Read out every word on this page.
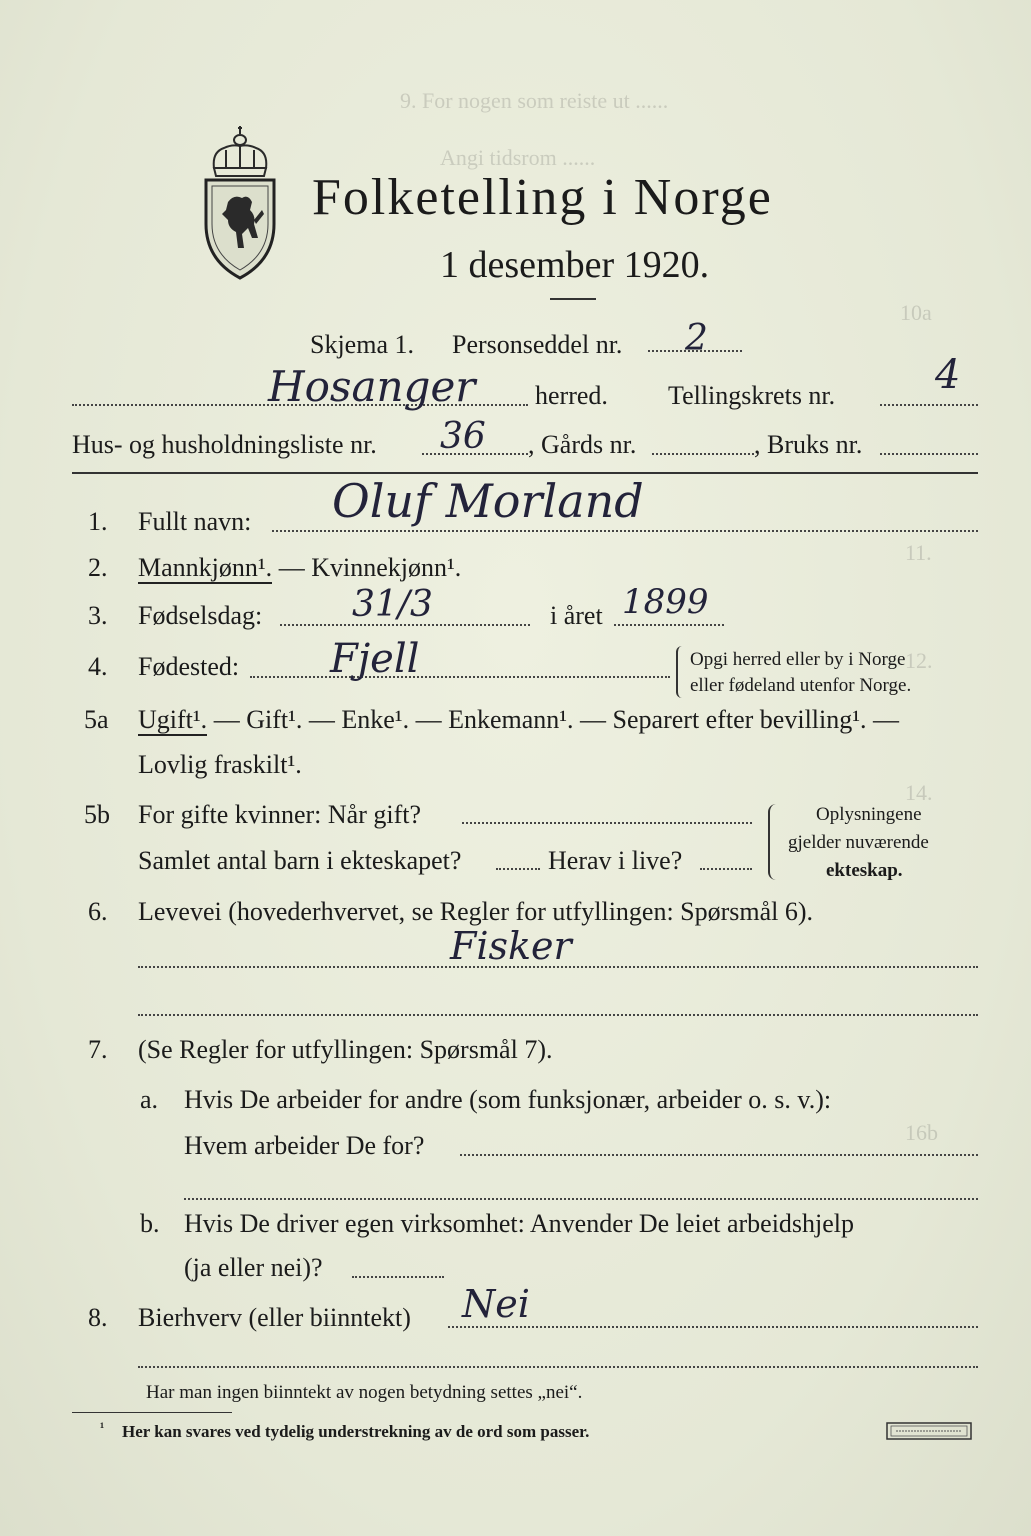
9. For nogen som reiste ut ......
Angi tidsrom ......
10a
11.
12.
14.
16b
Folketelling i Norge
1 desember 1920.
Skjema 1. Personseddel nr. 2
Hosanger herred. Tellingskrets nr. 4
Hus- og husholdningsliste nr. 36 , Gårds nr.	, Bruks nr.
1. Fullt navn: Oluf Morland
2. Mannkjønn¹. — Kvinnekjønn¹.
3. Fødselsdag: 31/3	i året 1899
4. Fødested: Fjell	Opgi herred eller by i Norge
eller fødeland utenfor Norge.
5a Ugift¹. — Gift¹. — Enke¹. — Enkemann¹. — Separert efter bevilling¹. —
Lovlig fraskilt¹.
5b For gifte kvinner: Når gift?
Samlet antal barn i ekteskapet?	Herav i live?
Oplysningene
gjelder nuværende
ekteskap.
6. Levevei (hovederhvervet, se Regler for utfyllingen: Spørsmål 6).
Fisker
7. (Se Regler for utfyllingen: Spørsmål 7).
a. Hvis De arbeider for andre (som funksjonær, arbeider o. s. v.):
Hvem arbeider De for?
b. Hvis De driver egen virksomhet: Anvender De leiet arbeidshjelp
(ja eller nei)?
8. Bierhverv (eller biinntekt) Nei
Har man ingen biinntekt av nogen betydning settes „nei“.
¹ Her kan svares ved tydelig understrekning av de ord som passer.
